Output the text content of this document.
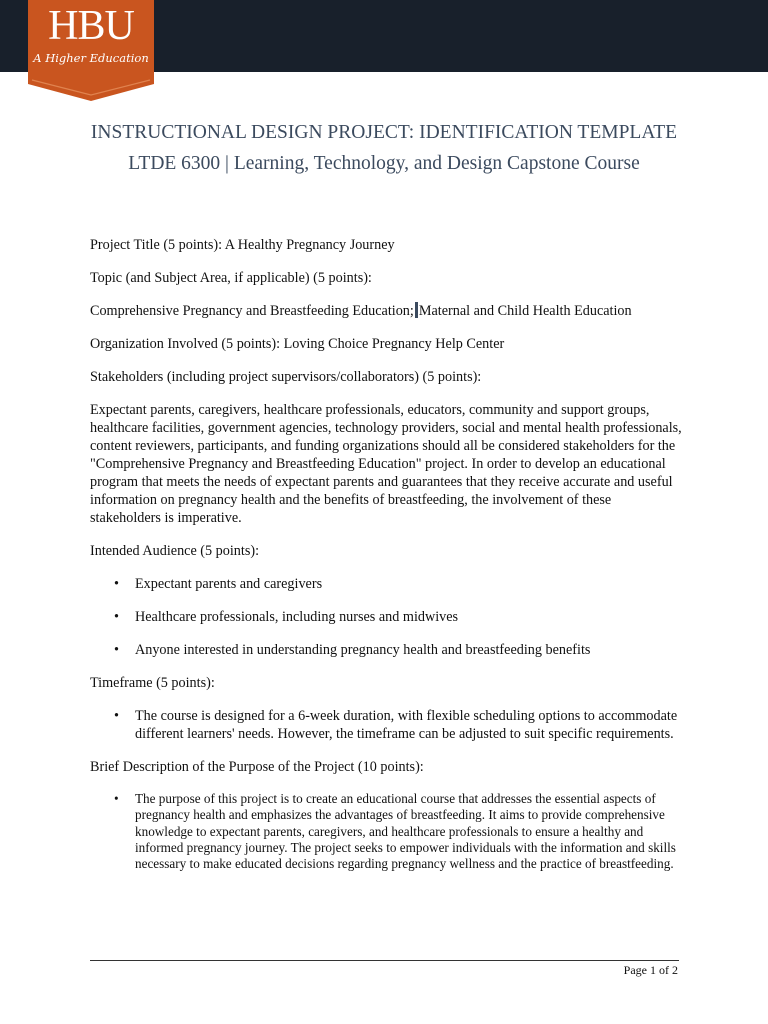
HBU
A Higher Education
INSTRUCTIONAL DESIGN PROJECT: IDENTIFICATION TEMPLATE
LTDE 6300 | Learning, Technology, and Design Capstone Course

Project Title (5 points): A Healthy Pregnancy Journey

Topic (and Subject Area, if applicable) (5 points):

Comprehensive Pregnancy and Breastfeeding Education; Maternal and Child Health Education

Organization Involved (5 points): Loving Choice Pregnancy Help Center

Stakeholders (including project supervisors/collaborators) (5 points):

Expectant parents, caregivers, healthcare professionals, educators, community and support groups, healthcare facilities, government agencies, technology providers, social and mental health professionals, content reviewers, participants, and funding organizations should all be considered stakeholders for the "Comprehensive Pregnancy and Breastfeeding Education" project. In order to develop an educational program that meets the needs of expectant parents and guarantees that they receive accurate and useful information on pregnancy health and the benefits of breastfeeding, the involvement of these stakeholders is imperative.

Intended Audience (5 points):

• Expectant parents and caregivers
• Healthcare professionals, including nurses and midwives
• Anyone interested in understanding pregnancy health and breastfeeding benefits

Timeframe (5 points):

• The course is designed for a 6-week duration, with flexible scheduling options to accommodate different learners' needs. However, the timeframe can be adjusted to suit specific requirements.

Brief Description of the Purpose of the Project (10 points):

• The purpose of this project is to create an educational course that addresses the essential aspects of pregnancy health and emphasizes the advantages of breastfeeding. It aims to provide comprehensive knowledge to expectant parents, caregivers, and healthcare professionals to ensure a healthy and informed pregnancy journey. The project seeks to empower individuals with the information and skills necessary to make educated decisions regarding pregnancy wellness and the practice of breastfeeding.
Page 1 of 2
